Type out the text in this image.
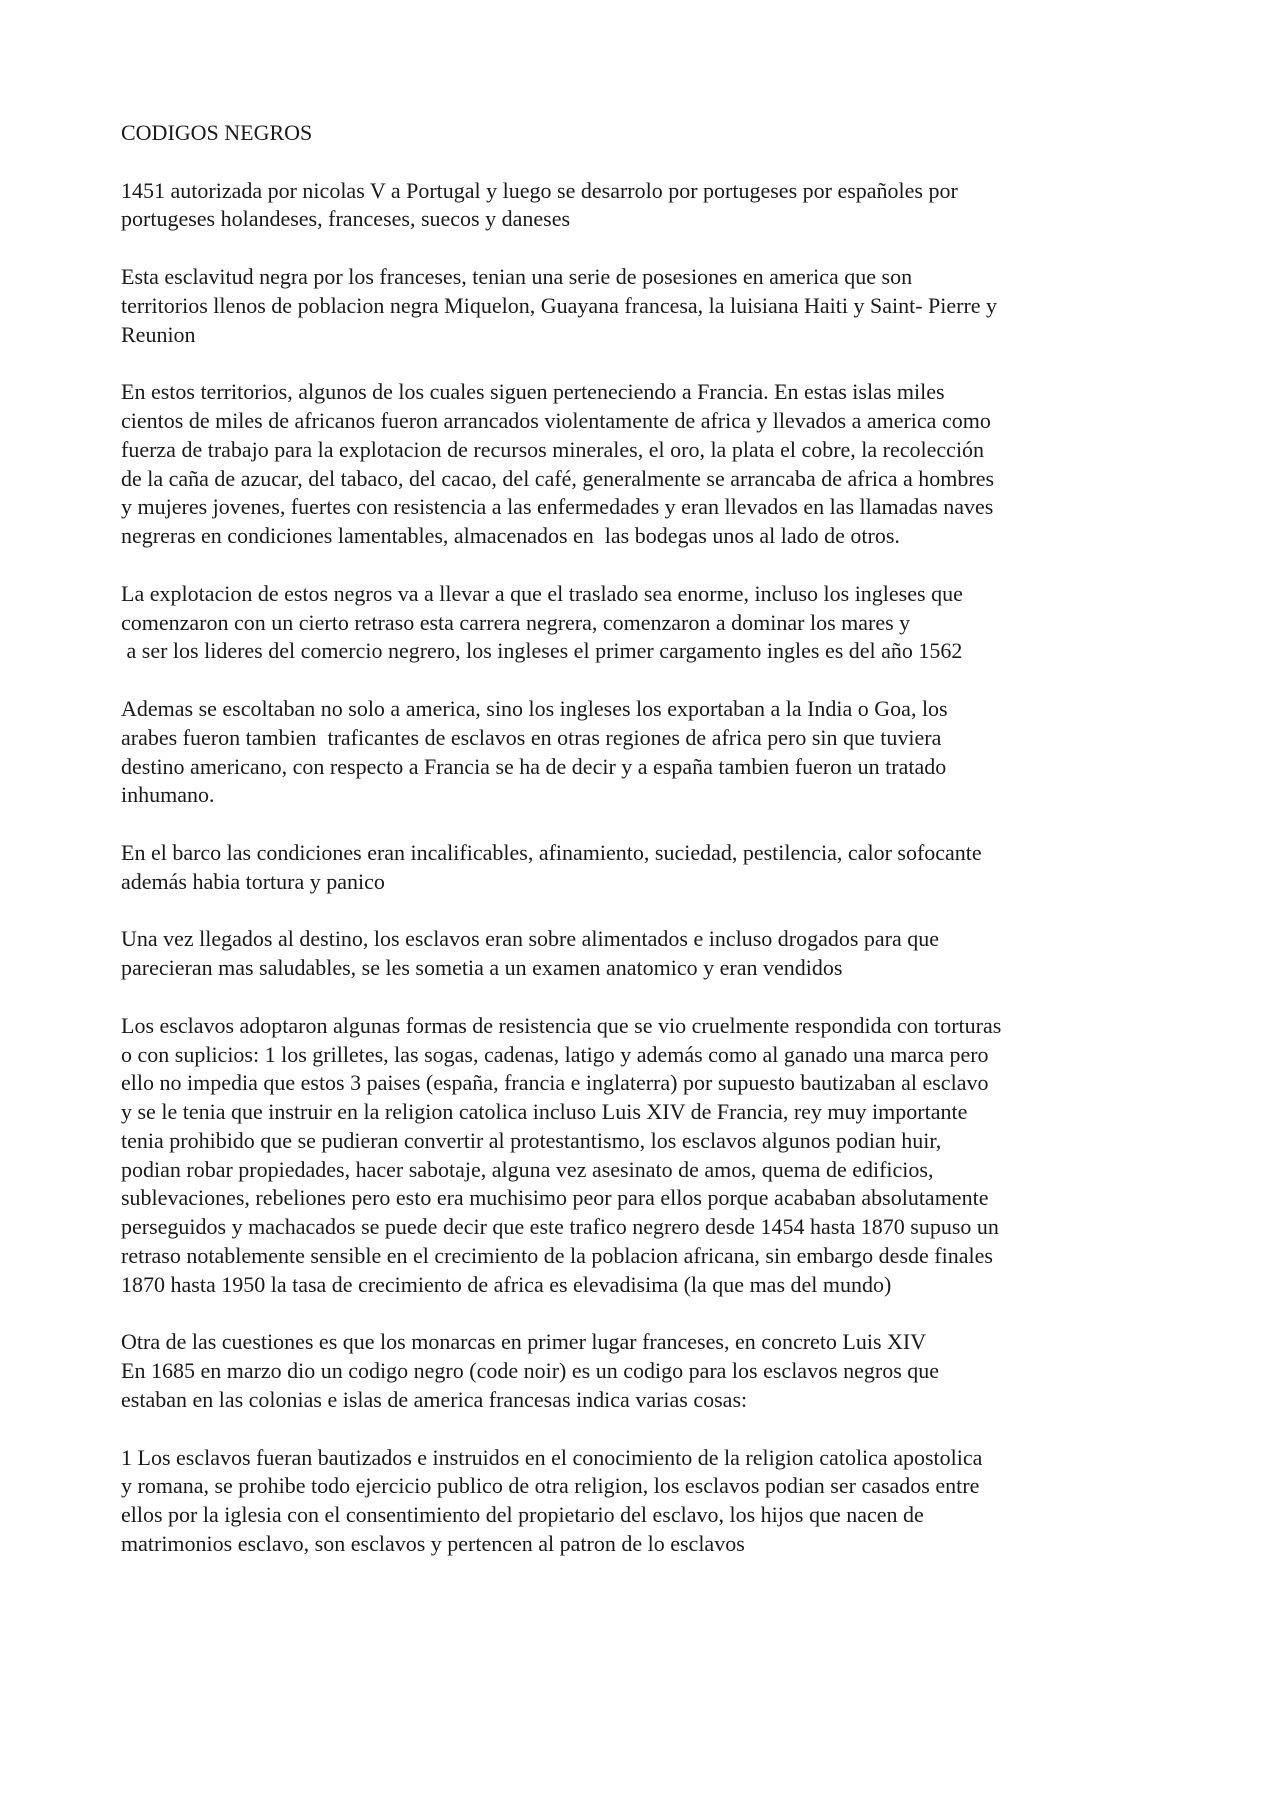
CODIGOS NEGROS
1451 autorizada por nicolas V a Portugal y luego se desarrolo por portugeses por españoles por
portugeses holandeses, franceses, suecos y daneses
Esta esclavitud negra por los franceses, tenian una serie de posesiones en america que son
territorios llenos de poblacion negra Miquelon, Guayana francesa, la luisiana Haiti y Saint- Pierre y
Reunion
En estos territorios, algunos de los cuales siguen perteneciendo a Francia. En estas islas miles
cientos de miles de africanos fueron arrancados violentamente de africa y llevados a america como
fuerza de trabajo para la explotacion de recursos minerales, el oro, la plata el cobre, la recolección
de la caña de azucar, del tabaco, del cacao, del café, generalmente se arrancaba de africa a hombres
y mujeres jovenes, fuertes con resistencia a las enfermedades y eran llevados en las llamadas naves
negreras en condiciones lamentables, almacenados en  las bodegas unos al lado de otros.
La explotacion de estos negros va a llevar a que el traslado sea enorme, incluso los ingleses que
comenzaron con un cierto retraso esta carrera negrera, comenzaron a dominar los mares y
a ser los lideres del comercio negrero, los ingleses el primer cargamento ingles es del año 1562
Ademas se escoltaban no solo a america, sino los ingleses los exportaban a la India o Goa, los
arabes fueron tambien  traficantes de esclavos en otras regiones de africa pero sin que tuviera
destino americano, con respecto a Francia se ha de decir y a españa tambien fueron un tratado
inhumano.
En el barco las condiciones eran incalificables, afinamiento, suciedad, pestilencia, calor sofocante
además habia tortura y panico
Una vez llegados al destino, los esclavos eran sobre alimentados e incluso drogados para que
parecieran mas saludables, se les sometia a un examen anatomico y eran vendidos
Los esclavos adoptaron algunas formas de resistencia que se vio cruelmente respondida con torturas
o con suplicios: 1 los grilletes, las sogas, cadenas, latigo y además como al ganado una marca pero
ello no impedia que estos 3 paises (españa, francia e inglaterra) por supuesto bautizaban al esclavo
y se le tenia que instruir en la religion catolica incluso Luis XIV de Francia, rey muy importante
tenia prohibido que se pudieran convertir al protestantismo, los esclavos algunos podian huir,
podian robar propiedades, hacer sabotaje, alguna vez asesinato de amos, quema de edificios,
sublevaciones, rebeliones pero esto era muchisimo peor para ellos porque acababan absolutamente
perseguidos y machacados se puede decir que este trafico negrero desde 1454 hasta 1870 supuso un
retraso notablemente sensible en el crecimiento de la poblacion africana, sin embargo desde finales
1870 hasta 1950 la tasa de crecimiento de africa es elevadisima (la que mas del mundo)
Otra de las cuestiones es que los monarcas en primer lugar franceses, en concreto Luis XIV
En 1685 en marzo dio un codigo negro (code noir) es un codigo para los esclavos negros que
estaban en las colonias e islas de america francesas indica varias cosas:
1 Los esclavos fueran bautizados e instruidos en el conocimiento de la religion catolica apostolica
y romana, se prohibe todo ejercicio publico de otra religion, los esclavos podian ser casados entre
ellos por la iglesia con el consentimiento del propietario del esclavo, los hijos que nacen de
matrimonios esclavo, son esclavos y pertencen al patron de lo esclavos
